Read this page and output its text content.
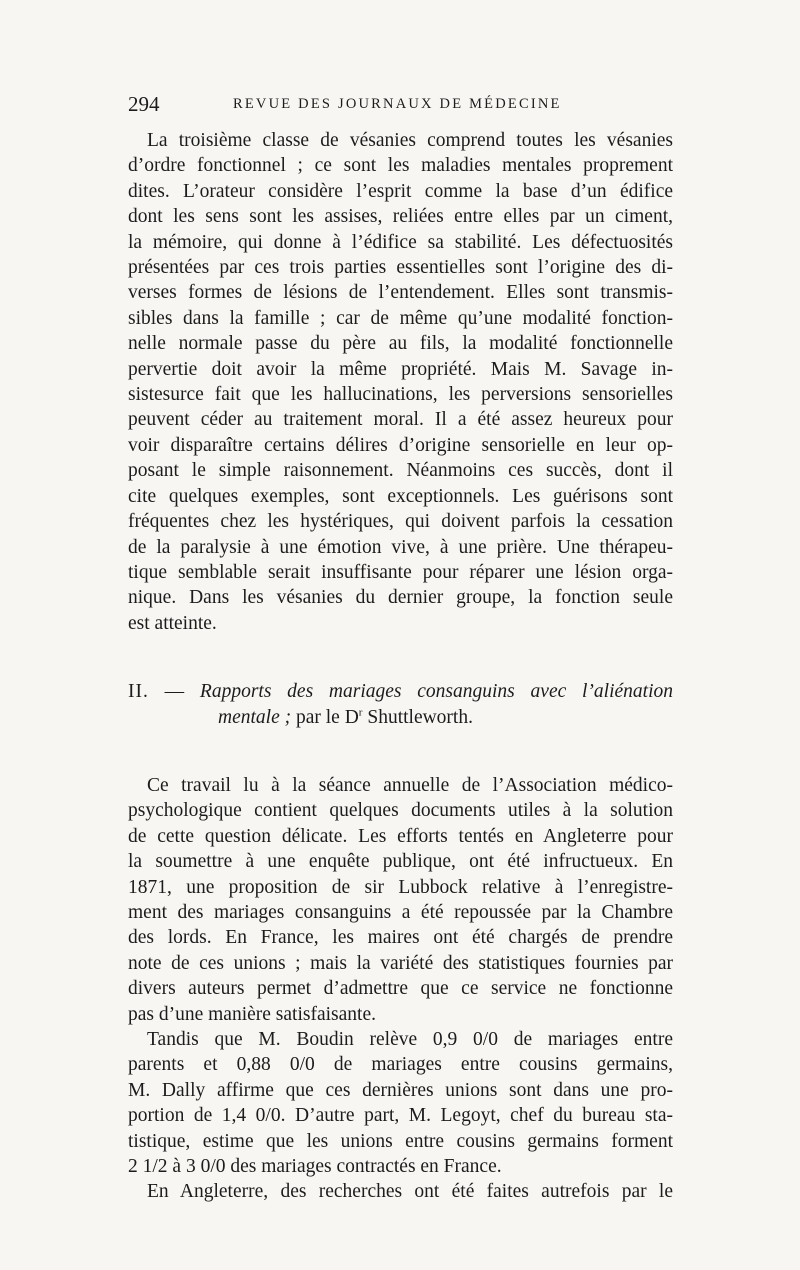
294	REVUE DES JOURNAUX DE MÉDECINE

La troisième classe de vésanies comprend toutes les vésanies
d’ordre fonctionnel ; ce sont les maladies mentales proprement
dites. L’orateur considère l’esprit comme la base d’un édifice
dont les sens sont les assises, reliées entre elles par un ciment,
la mémoire, qui donne à l’édifice sa stabilité. Les défectuosités
présentées par ces trois parties essentielles sont l’origine des di-
verses formes de lésions de l’entendement. Elles sont transmis-
sibles dans la famille ; car de même qu’une modalité fonction-
nelle normale passe du père au fils, la modalité fonctionnelle
pervertie doit avoir la même propriété. Mais M. Savage in-
sistesurce fait que les hallucinations, les perversions sensorielles
peuvent céder au traitement moral. Il a été assez heureux pour
voir disparaître certains délires d’origine sensorielle en leur op-
posant le simple raisonnement. Néanmoins ces succès, dont il
cite quelques exemples, sont exceptionnels. Les guérisons sont
fréquentes chez les hystériques, qui doivent parfois la cessation
de la paralysie à une émotion vive, à une prière. Une thérapeu-
tique semblable serait insuffisante pour réparer une lésion orga-
nique. Dans les vésanies du dernier groupe, la fonction seule
est atteinte.

II. — Rapports des mariages consanguins avec l’aliénation
mentale ; par le $D^r$ Shuttleworth.

Ce travail lu à la séance annuelle de l’Association médico-
psychologique contient quelques documents utiles à la solution
de cette question délicate. Les efforts tentés en Angleterre pour
la soumettre à une enquête publique, ont été infructueux. En
1871, une proposition de sir Lubbock relative à l’enregistre-
ment des mariages consanguins a été repoussée par la Chambre
des lords. En France, les maires ont été chargés de prendre
note de ces unions ; mais la variété des statistiques fournies par
divers auteurs permet d’admettre que ce service ne fonctionne
pas d’une manière satisfaisante.

Tandis que M. Boudin relève 0,9 0/0 de mariages entre
parents et 0,88 0/0 de mariages entre cousins germains,
M. Dally affirme que ces dernières unions sont dans une pro-
portion de 1,4 0/0. D’autre part, M. Legoyt, chef du bureau sta-
tistique, estime que les unions entre cousins germains forment
2 1/2 à 3 0/0 des mariages contractés en France.

En Angleterre, des recherches ont été faites autrefois par le
